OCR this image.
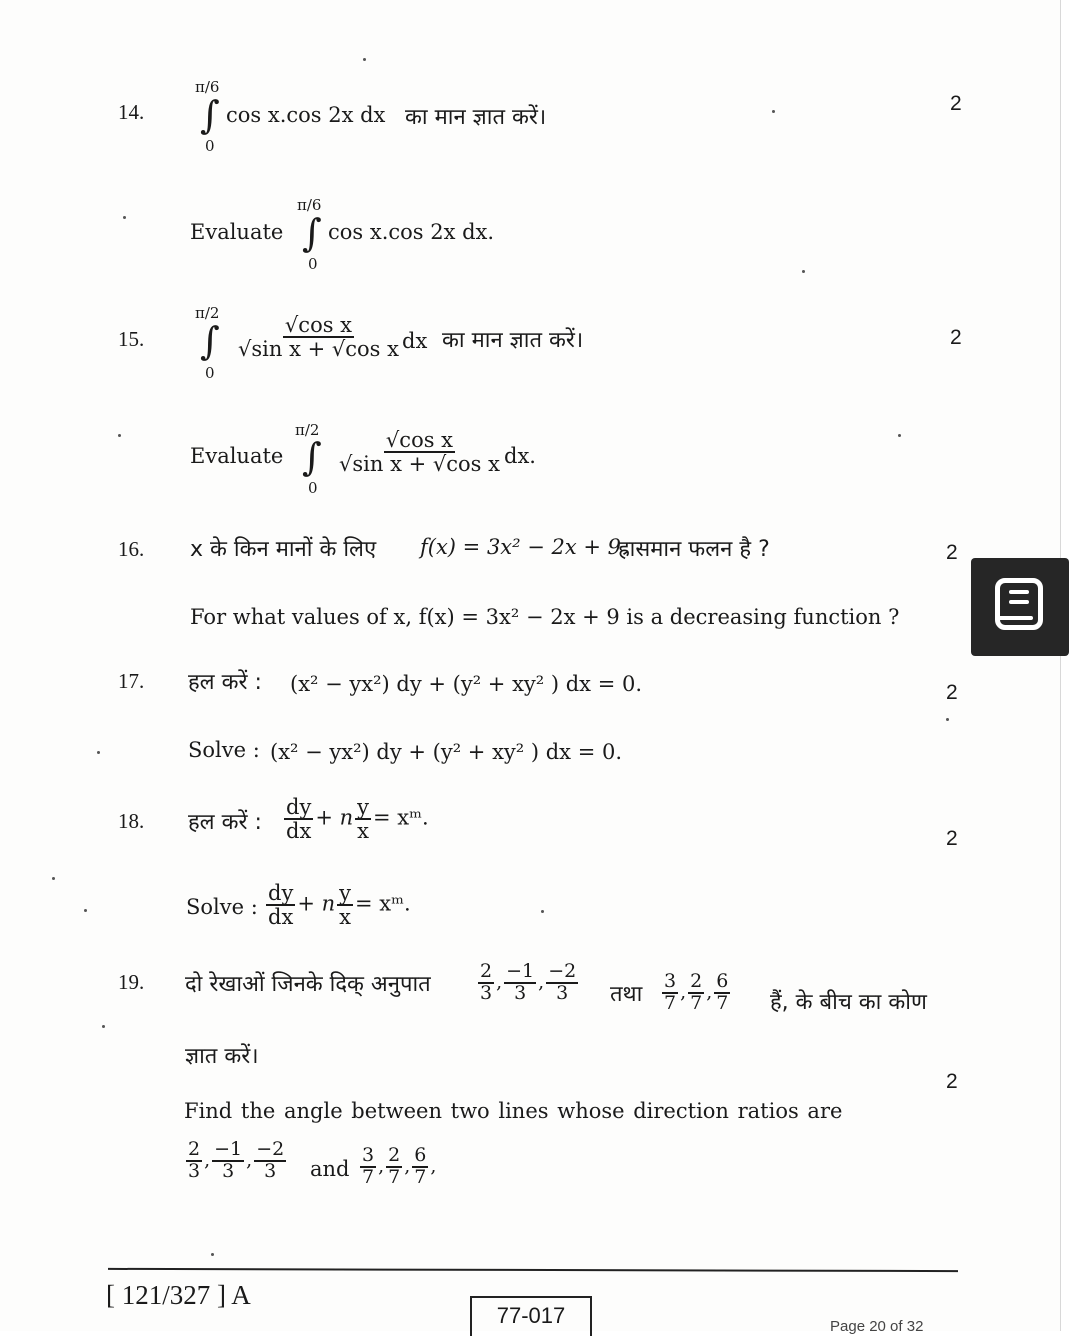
14.	2
π/6
∫
0
cos x.cos 2x dx का मान ज्ञात करें।
Evaluate
π/6
∫
0
cos x.cos 2x dx.
15.	2
π/2
∫
0
$\frac{\text{√cos x}}{\text{√sin x + √cos x}}$ dx का मान ज्ञात करें।
Evaluate
π/2
∫
0
$\frac{\text{√cos x}}{\text{√sin x + √cos x}}$ dx.
16.	2
x के किन मानों के लिए f(x) = 3x² − 2x + 9
ह्रासमान फलन है ?
For what values of x, f(x) = 3x² − 2x + 9 is a decreasing function ?
17.	2
हल करें : (x² − yx²) dy + (y² + xy² ) dx = 0.
Solve : (x² − yx²) dy + (y² + xy² ) dx = 0.
18.
2
हल करें : $\frac{dy}{dx} + n \frac{y}{x}$ = xᵐ.
Solve : $\frac{dy}{dx} + n \frac{y}{x}$ = xᵐ.
19.
2
दो रेखाओं जिनके दिक् अनुपात $\frac{2}{3}$ , $\frac{-1}{3}$ , $\frac{-2}{3}$ तथा $\frac{3}{7}$ , $\frac{2}{7}$ , $\frac{6}{7}$ हैं, के बीच का कोण
ज्ञात करें।
Find the angle between two lines whose direction ratios are
$\frac{2}{3}$ , $\frac{-1}{3}$ , $\frac{-2}{3}$ and $\frac{3}{7}$ , $\frac{2}{7}$ , $\frac{6}{7}$ ,
[ 121/327 ] A
77-017	Page 20 of 32
